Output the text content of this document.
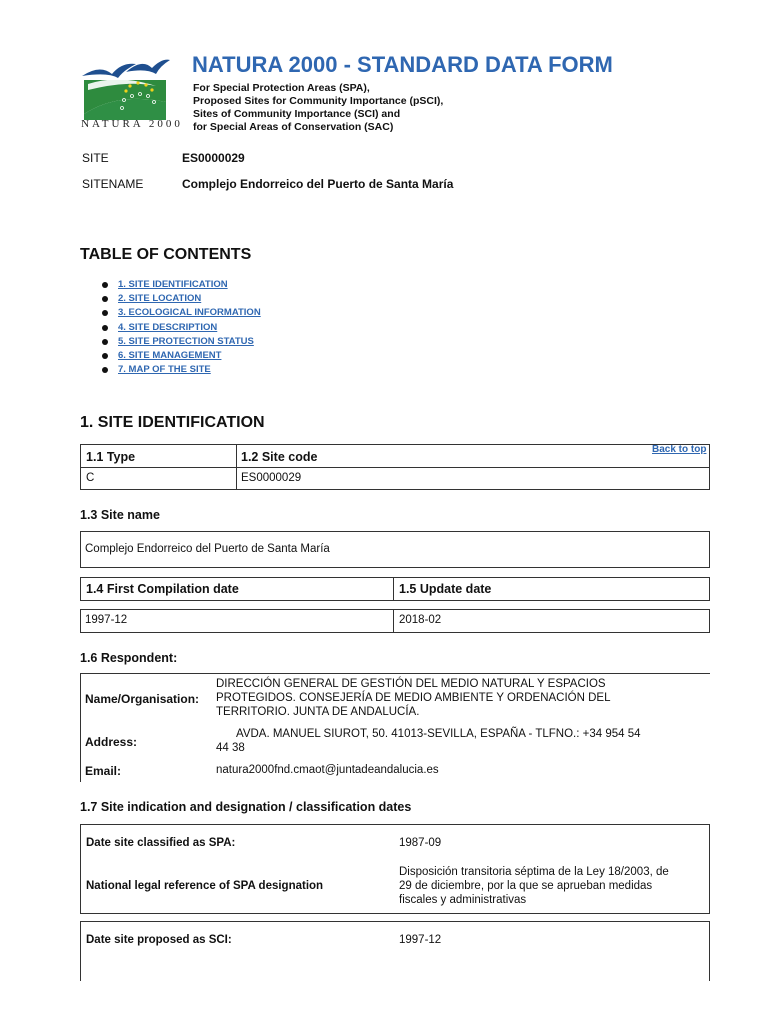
NATURA 2000
NATURA 2000 - STANDARD DATA FORM
For Special Protection Areas (SPA),
Proposed Sites for Community Importance (pSCI),
Sites of Community Importance (SCI) and
for Special Areas of Conservation (SAC)
SITE	ES0000029
SITENAME	Complejo Endorreico del Puerto de Santa María
TABLE OF CONTENTS
1. SITE IDENTIFICATION
2. SITE LOCATION
3. ECOLOGICAL INFORMATION
4. SITE DESCRIPTION
5. SITE PROTECTION STATUS
6. SITE MANAGEMENT
7. MAP OF THE SITE
1. SITE IDENTIFICATION
Back to top
1.1 Type	1.2 Site code
C	ES0000029
1.3 Site name
Complejo Endorreico del Puerto de Santa María
1.4 First Compilation date	1.5 Update date
1997-12	2018-02
1.6 Respondent:
Name/Organisation:
DIRECCIÓN GENERAL DE GESTIÓN DEL MEDIO NATURAL Y ESPACIOS
PROTEGIDOS. CONSEJERÍA DE MEDIO AMBIENTE Y ORDENACIÓN DEL
TERRITORIO. JUNTA DE ANDALUCÍA.
Address:
AVDA. MANUEL SIUROT, 50. 41013-SEVILLA, ESPAÑA - TLFNO.: +34 954 54
44 38
Email:	natura2000fnd.cmaot@juntadeandalucia.es
1.7 Site indication and designation / classification dates
Date site classified as SPA:	1987-09
National legal reference of SPA designation
Disposición transitoria séptima de la Ley 18/2003, de
29 de diciembre, por la que se aprueban medidas
fiscales y administrativas
Date site proposed as SCI:	1997-12
